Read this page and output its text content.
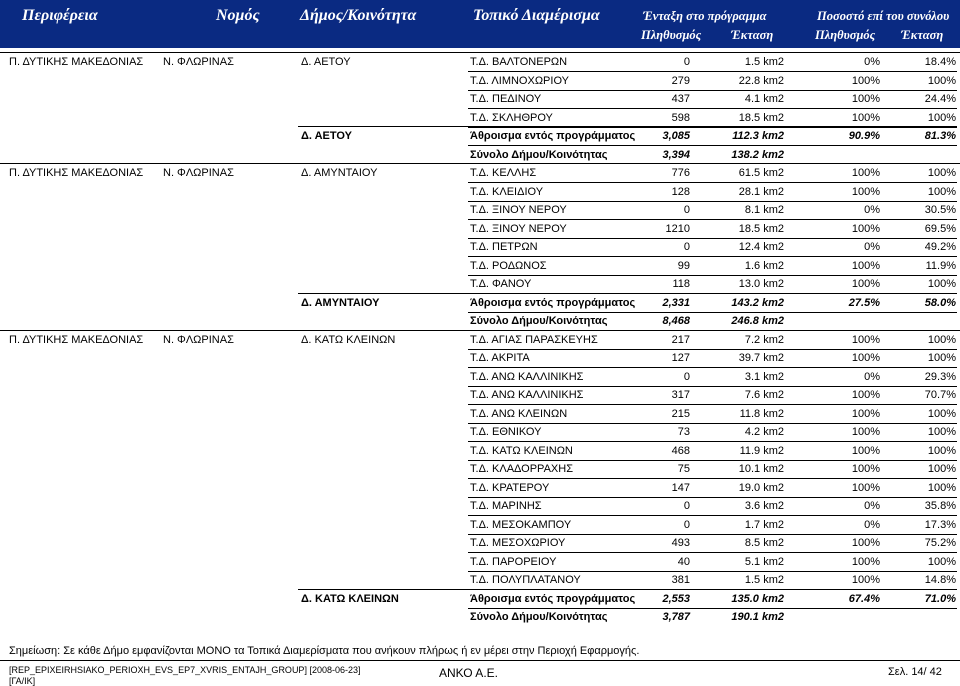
Περιφέρεια	Νομός	Δήμος/Κοινότητα	Τοπικό Διαμέρισμα	Ένταξη στο πρόγραμμα	Ποσοστό επί του συνόλου
Πληθυσμός Έκταση	Πληθυσμός Έκταση
Π. ΔΥΤΙΚΗΣ ΜΑΚΕΔΟΝΙΑΣ Ν. ΦΛΩΡΙΝΑΣ	Δ. ΑΕΤΟΥ	Τ.Δ. ΒΑΛΤΟΝΕΡΩΝ	0	1.5 km2	0%	18.4%
Τ.Δ. ΛΙΜΝΟΧΩΡΙΟΥ	279	22.8 km2	100%	100%
Τ.Δ. ΠΕΔΙΝΟΥ	437	4.1 km2	100%	24.4%
Τ.Δ. ΣΚΛΗΘΡΟΥ	598	18.5 km2	100%	100%
Δ. ΑΕΤΟΥ	Άθροισμα εντός προγράμματος 3,085	112.3 km2	90.9%	81.3%
Σύνολο Δήμου/Κοινότητας	3,394	138.2 km2
Π. ΔΥΤΙΚΗΣ ΜΑΚΕΔΟΝΙΑΣ Ν. ΦΛΩΡΙΝΑΣ	Δ. ΑΜΥΝΤΑΙΟΥ	Τ.Δ. ΚΕΛΛΗΣ	776	61.5 km2	100%	100%
Τ.Δ. ΚΛΕΙΔΙΟΥ	128	28.1 km2	100%	100%
Τ.Δ. ΞΙΝΟΥ ΝΕΡΟΥ	0	8.1 km2	0%	30.5%
Τ.Δ. ΞΙΝΟΥ ΝΕΡΟΥ	1210	18.5 km2	100%	69.5%
Τ.Δ. ΠΕΤΡΩΝ	0	12.4 km2	0%	49.2%
Τ.Δ. ΡΟΔΩΝΟΣ	99	1.6 km2	100%	11.9%
Τ.Δ. ΦΑΝΟΥ	118	13.0 km2	100%	100%
Δ. ΑΜΥΝΤΑΙΟΥ	Άθροισμα εντός προγράμματος 2,331	143.2 km2	27.5%	58.0%
Σύνολο Δήμου/Κοινότητας	8,468	246.8 km2
Π. ΔΥΤΙΚΗΣ ΜΑΚΕΔΟΝΙΑΣ Ν. ΦΛΩΡΙΝΑΣ	Δ. ΚΑΤΩ ΚΛΕΙΝΩΝ	Τ.Δ. ΑΓΙΑΣ ΠΑΡΑΣΚΕΥΗΣ	217	7.2 km2	100%	100%
Τ.Δ. ΑΚΡΙΤΑ	127	39.7 km2	100%	100%
Τ.Δ. ΑΝΩ ΚΑΛΛΙΝΙΚΗΣ	0	3.1 km2	0%	29.3%
Τ.Δ. ΑΝΩ ΚΑΛΛΙΝΙΚΗΣ	317	7.6 km2	100%	70.7%
Τ.Δ. ΑΝΩ ΚΛΕΙΝΩΝ	215	11.8 km2	100%	100%
Τ.Δ. ΕΘΝΙΚΟΥ	73	4.2 km2	100%	100%
Τ.Δ. ΚΑΤΩ ΚΛΕΙΝΩΝ	468	11.9 km2	100%	100%
Τ.Δ. ΚΛΑΔΟΡΡΑΧΗΣ	75	10.1 km2	100%	100%
Τ.Δ. ΚΡΑΤΕΡΟΥ	147	19.0 km2	100%	100%
Τ.Δ. ΜΑΡΙΝΗΣ	0	3.6 km2	0%	35.8%
Τ.Δ. ΜΕΣΟΚΑΜΠΟΥ	0	1.7 km2	0%	17.3%
Τ.Δ. ΜΕΣΟΧΩΡΙΟΥ	493	8.5 km2	100%	75.2%
Τ.Δ. ΠΑΡΟΡΕΙΟΥ	40	5.1 km2	100%	100%
Τ.Δ. ΠΟΛΥΠΛΑΤΑΝΟΥ	381	1.5 km2	100%	14.8%
Δ. ΚΑΤΩ ΚΛΕΙΝΩΝ	Άθροισμα εντός προγράμματος 2,553	135.0 km2	67.4%	71.0%
Σύνολο Δήμου/Κοινότητας	3,787	190.1 km2
Σημείωση: Σε κάθε Δήμο εμφανίζονται ΜΟΝΟ τα Τοπικά Διαμερίσματα που ανήκουν πλήρως ή εν μέρει στην Περιοχή Εφαρμογής.
[REP_EPIXEIRHSIAKO_PERIOXH_EVS_EP7_XVRIS_ENTAJH_GROUP] [2008-06-23]
[ΓΑ/ΙΚ]
ΑΝΚΟ Α.Ε.	Σελ. 14/ 42
